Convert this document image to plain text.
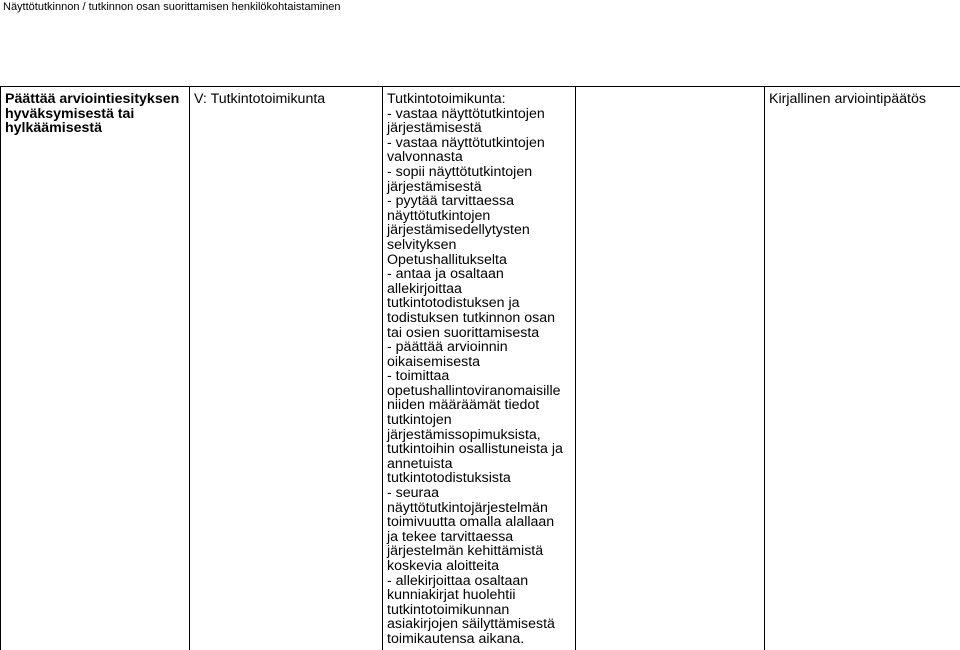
Näyttötutkinnon / tutkinnon osan suorittamisen henkilökohtaistaminen
Päättää arviointiesityksen hyväksymisestä tai hylkäämisestä
V: Tutkintotoimikunta	Tutkintotoimikunta:
- vastaa näyttötutkintojen
järjestämisestä
- vastaa näyttötutkintojen
valvonnasta
- sopii näyttötutkintojen
järjestämisestä
- pyytää tarvittaessa
näyttötutkintojen
järjestämisedellytysten
selvityksen
Opetushallitukselta
- antaa ja osaltaan
allekirjoittaa
tutkintotodistuksen ja
todistuksen tutkinnon osan
tai osien suorittamisesta
- päättää arvioinnin
oikaisemisesta
- toimittaa
opetushallintoviranomaisille
niiden määräämät tiedot
tutkintojen
järjestämissopimuksista,
tutkintoihin osallistuneista ja
annetuista
tutkintotodistuksista
- seuraa
näyttötutkintojärjestelmän
toimivuutta omalla alallaan
ja tekee tarvittaessa
järjestelmän kehittämistä
koskevia aloitteita
- allekirjoittaa osaltaan
kunniakirjat huolehtii
tutkintotoimikunnan
asiakirjojen säilyttämisestä
toimikautensa aikana.
Kirjallinen arviointipäätös
